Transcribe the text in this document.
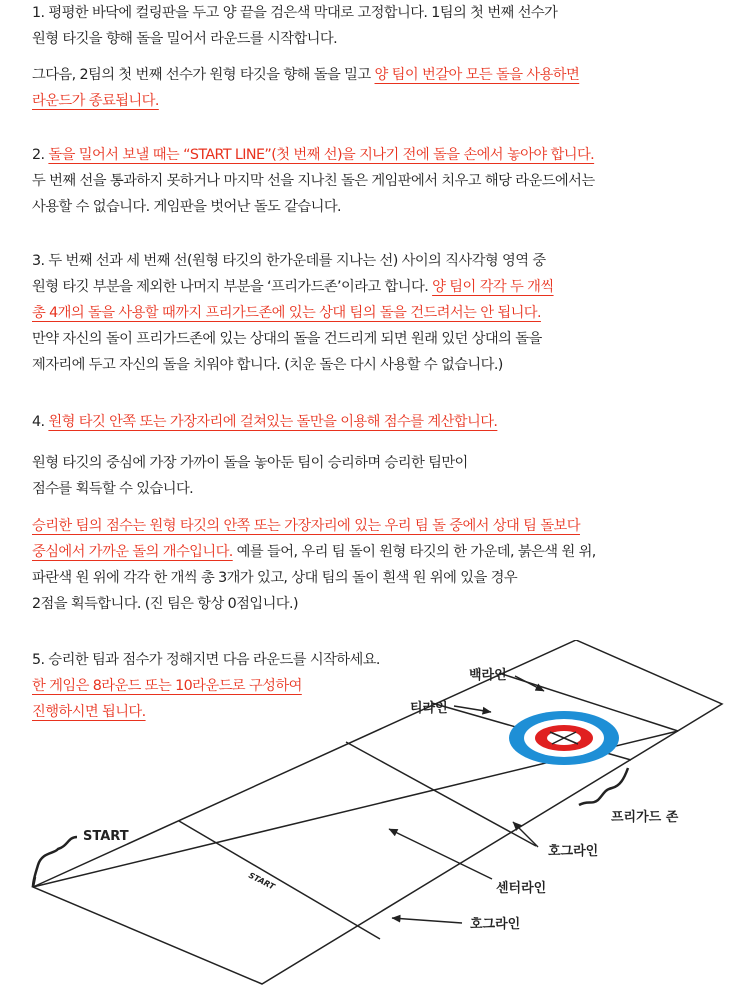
1. 평평한 바닥에 컬링판을 두고 양 끝을 검은색 막대로 고정합니다. 1팀의 첫 번째 선수가
원형 타깃을 향해 돌을 밀어서 라운드를 시작합니다.

그다음, 2팀의 첫 번째 선수가 원형 타깃을 향해 돌을 밀고 양 팀이 번갈아 모든 돌을 사용하면
라운드가 종료됩니다.

2. 돌을 밀어서 보낼 때는 “START LINE”(첫 번째 선)을 지나기 전에 돌을 손에서 놓아야 합니다.
두 번째 선을 통과하지 못하거나 마지막 선을 지나친 돌은 게임판에서 치우고 해당 라운드에서는
사용할 수 없습니다. 게임판을 벗어난 돌도 같습니다.

3. 두 번째 선과 세 번째 선(원형 타깃의 한가운데를 지나는 선) 사이의 직사각형 영역 중
원형 타깃 부분을 제외한 나머지 부분을 ‘프리가드존’이라고 합니다. 양 팀이 각각 두 개씩
총 4개의 돌을 사용할 때까지 프리가드존에 있는 상대 팀의 돌을 건드려서는 안 됩니다.
만약 자신의 돌이 프리가드존에 있는 상대의 돌을 건드리게 되면 원래 있던 상대의 돌을
제자리에 두고 자신의 돌을 치워야 합니다. (치운 돌은 다시 사용할 수 없습니다.)

4. 원형 타깃 안쪽 또는 가장자리에 걸쳐있는 돌만을 이용해 점수를 계산합니다.

원형 타깃의 중심에 가장 가까이 돌을 놓아둔 팀이 승리하며 승리한 팀만이
점수를 획득할 수 있습니다.

승리한 팀의 점수는 원형 타깃의 안쪽 또는 가장자리에 있는 우리 팀 돌 중에서 상대 팀 돌보다
중심에서 가까운 돌의 개수입니다. 예를 들어, 우리 팀 돌이 원형 타깃의 한 가운데, 붉은색 원 위,
파란색 원 위에 각각 한 개씩 총 3개가 있고, 상대 팀의 돌이 흰색 원 위에 있을 경우
2점을 획득합니다. (진 팀은 항상 0점입니다.)

5. 승리한 팀과 점수가 정해지면 다음 라운드를 시작하세요.
한 게임은 8라운드 또는 10라운드로 구성하여
진행하시면 됩니다.

백라인
티라인
프리가드 존
호그라인
센터라인
호그라인
START
START
